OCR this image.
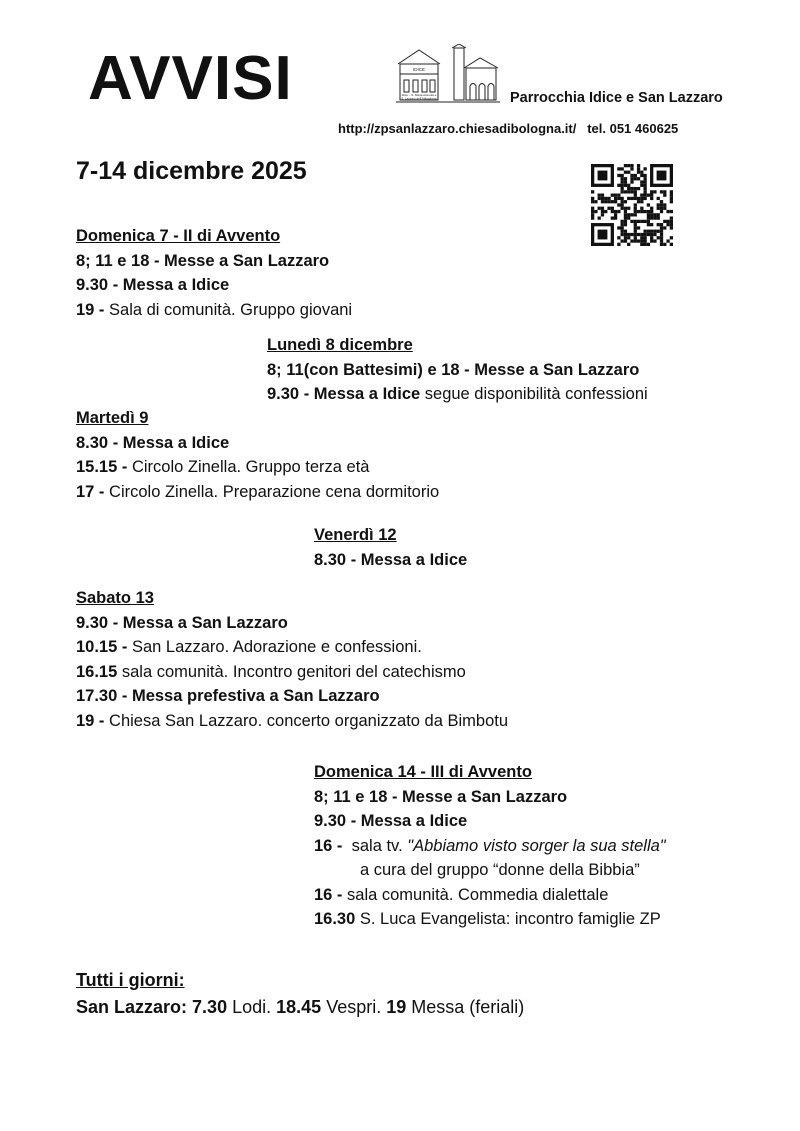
AVVISI	IDICE
Idice – S. Maria Assunta e
S. Lazzaro dell'Abbadessa	Parrocchia Idice e San Lazzaro
http://zpsanlazzaro.chiesadibologna.it/ tel. 051 460625
7-14 dicembre 2025
Domenica 7 - II di Avvento
8; 11 e 18 - Messe a San Lazzaro
9.30 - Messa a Idice
19 - Sala di comunità. Gruppo giovani
Lunedì 8 dicembre
8; 11(con Battesimi) e 18 - Messe a San Lazzaro
9.30 - Messa a Idice segue disponibilità confessioni
Martedì 9
8.30 - Messa a Idice
15.15 - Circolo Zinella. Gruppo terza età
17 - Circolo Zinella. Preparazione cena dormitorio
Venerdì 12
8.30 - Messa a Idice
Sabato 13
9.30 - Messa a San Lazzaro
10.15 - San Lazzaro. Adorazione e confessioni.
16.15 sala comunità. Incontro genitori del catechismo
17.30 - Messa prefestiva a San Lazzaro
19 - Chiesa San Lazzaro. concerto organizzato da Bimbotu
Domenica 14 - III di Avvento
8; 11 e 18 - Messe a San Lazzaro
9.30 - Messa a Idice
16 -  sala tv. "Abbiamo visto sorger la sua stella"
a cura del gruppo “donne della Bibbia”
16 - sala comunità. Commedia dialettale
16.30 S. Luca Evangelista: incontro famiglie ZP
Tutti i giorni:
San Lazzaro: 7.30 Lodi. 18.45 Vespri. 19 Messa (feriali)
